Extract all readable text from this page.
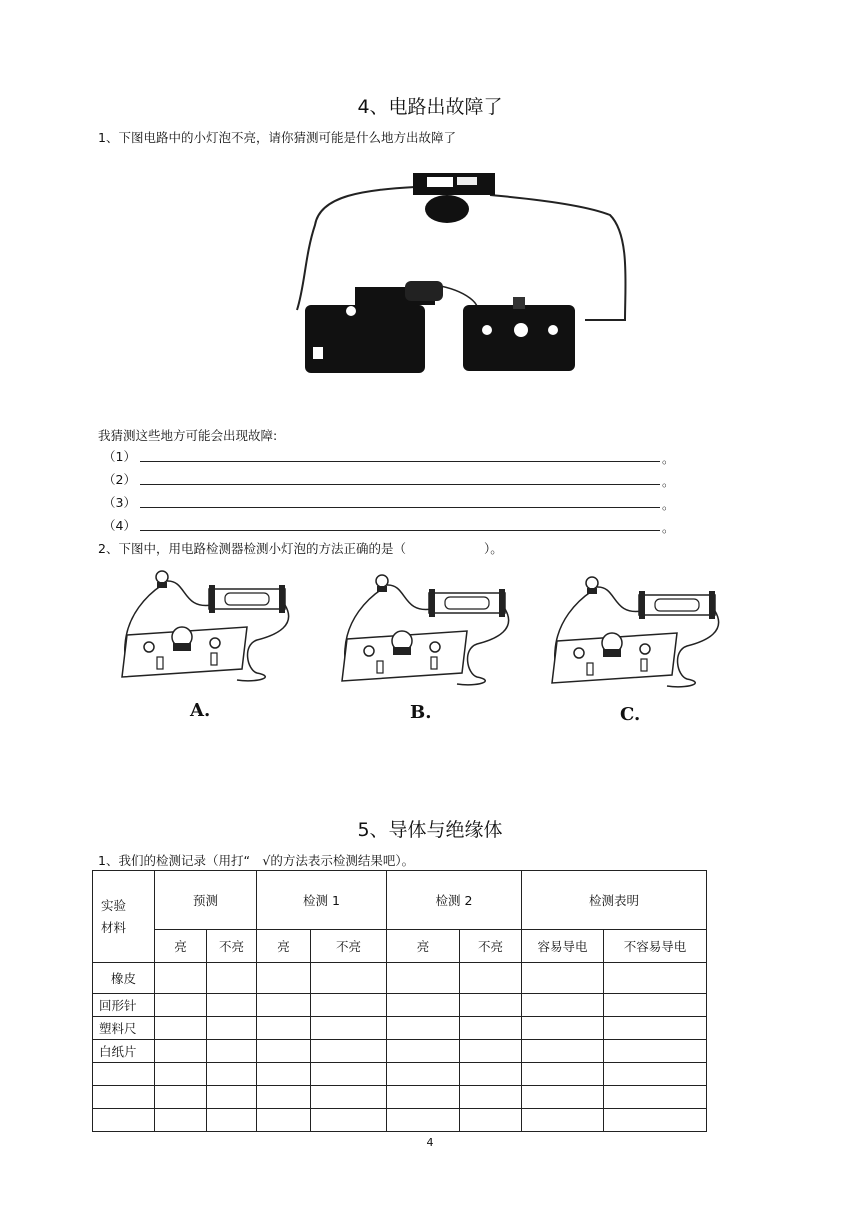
4、电路出故障了
1、下图电路中的小灯泡不亮，请你猜测可能是什么地方出故障了
我猜测这些地方可能会出现故障:
（1）	。
（2）	。
（3）	。
（4）	。
2、下图中，用电路检测器检测小灯泡的方法正确的是（	）。
A.	B.	C.
5、导体与绝缘体
1、我们的检测记录（用打“　√的方法表示检测结果吧）。
实验
材料	预测		检测 1		检测 2		检测表明	
	亮	不亮	亮	不亮	亮	不亮	容易导电	不容易导电
橡皮								
回形针								
塑料尺								
白纸片								

4
